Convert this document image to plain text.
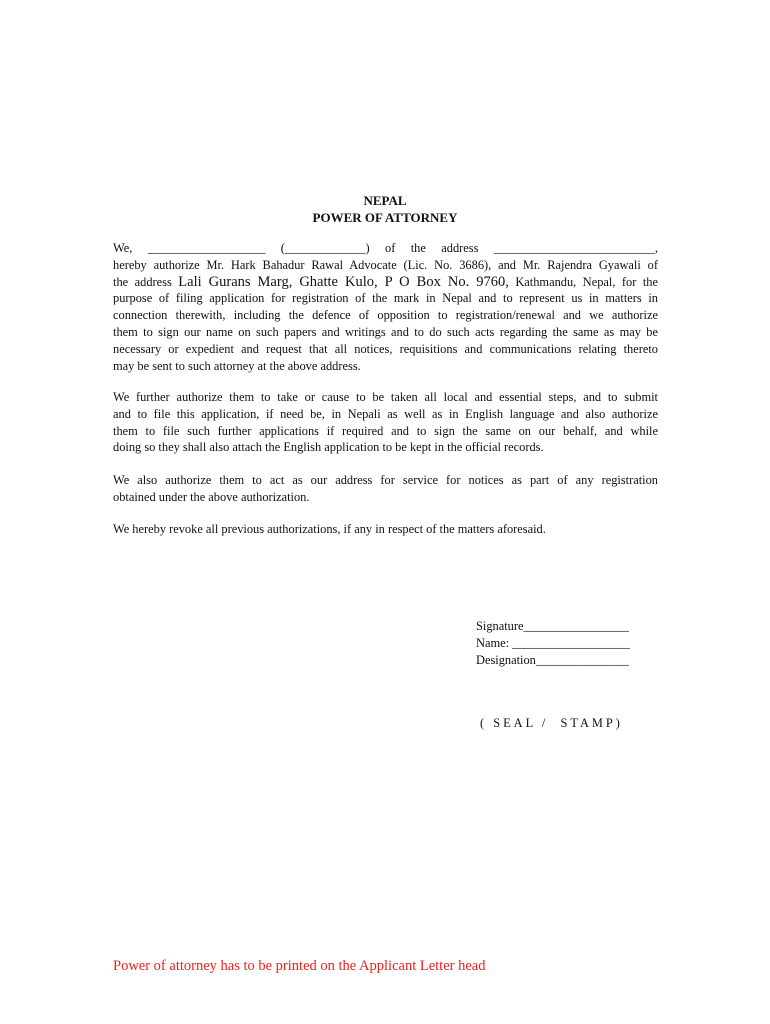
NEPAL
POWER OF ATTORNEY
We, ___________________ (_____________) of the address __________________________,
hereby authorize Mr. Hark Bahadur Rawal Advocate (Lic. No. 3686), and Mr. Rajendra Gyawali of
the address Lali Gurans Marg, Ghatte Kulo, P O Box No. 9760, Kathmandu, Nepal, for the
purpose of filing application for registration of the mark in Nepal and to represent us in matters in
connection therewith, including the defence of opposition to registration/renewal and we authorize
them to sign our name on such papers and writings and to do such acts regarding the same as may be
necessary or expedient and request that all notices, requisitions and communications relating thereto
may be sent to such attorney at the above address.
We further authorize them to take or cause to be taken all local and essential steps, and to submit
and to file this application, if need be, in Nepali as well as in English language and also authorize
them to file such further applications if required and to sign the same on our behalf, and while
doing so they shall also attach the English application to be kept in the official records.
We also authorize them to act as our address for service for notices as part of any registration
obtained under the above authorization.
We hereby revoke all previous authorizations, if any in respect of the matters aforesaid.
Signature_________________
Name: ___________________
Designation_______________
( SEAL /  STAMP)
Power of attorney has to be printed on the Applicant Letter head
